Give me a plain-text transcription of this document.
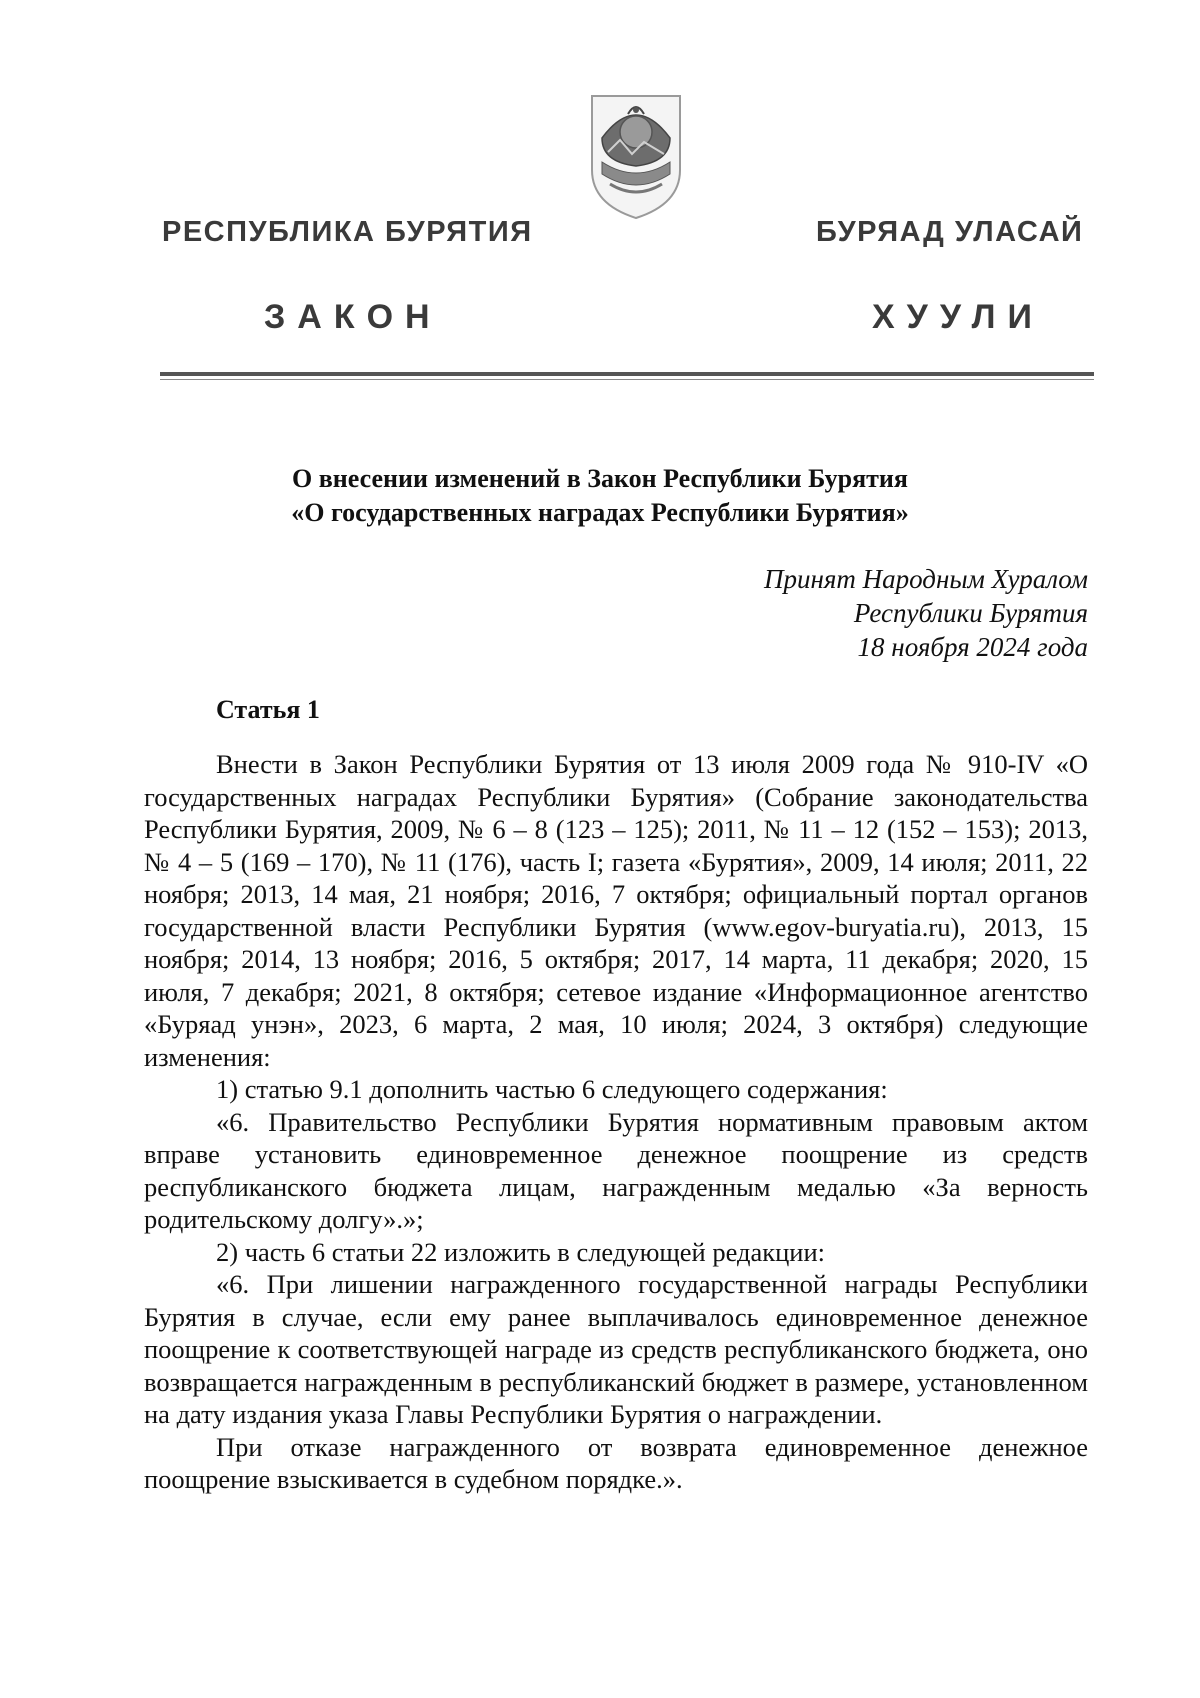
РЕСПУБЛИКА БУРЯТИЯ	БУРЯАД УЛАСАЙ
ЗАКОН	ХУУЛИ
О внесении изменений в Закон Республики Бурятия
«О государственных наградах Республики Бурятия»
Принят Народным Хуралом
Республики Бурятия
18 ноября 2024 года
Статья 1

Внести в Закон Республики Бурятия от 13 июля 2009 года № 910-IV «О государственных наградах Республики Бурятия» (Собрание законодательства Республики Бурятия, 2009, № 6 – 8 (123 – 125); 2011, № 11 – 12 (152 – 153); 2013, № 4 – 5 (169 – 170), № 11 (176), часть I; газета «Бурятия», 2009, 14 июля; 2011, 22 ноября; 2013, 14 мая, 21 ноября; 2016, 7 октября; официальный портал органов государственной власти Республики Бурятия (www.egov-buryatia.ru), 2013, 15 ноября; 2014, 13 ноября; 2016, 5 октября; 2017, 14 марта, 11 декабря; 2020, 15 июля, 7 декабря; 2021, 8 октября; сетевое издание «Информационное агентство «Буряад унэн», 2023, 6 марта, 2 мая, 10 июля; 2024, 3 октября) следующие изменения:

1) статью 9.1 дополнить частью 6 следующего содержания:

«6. Правительство Республики Бурятия нормативным правовым актом вправе установить единовременное денежное поощрение из средств республиканского бюджета лицам, награжденным медалью «За верность родительскому долгу».»;

2) часть 6 статьи 22 изложить в следующей редакции:

«6. При лишении награжденного государственной награды Республики Бурятия в случае, если ему ранее выплачивалось единовременное денежное поощрение к соответствующей награде из средств республиканского бюджета, оно возвращается награжденным в республиканский бюджет в размере, установленном на дату издания указа Главы Республики Бурятия о награждении.

При отказе награжденного от возврата единовременное денежное поощрение взыскивается в судебном порядке.».
